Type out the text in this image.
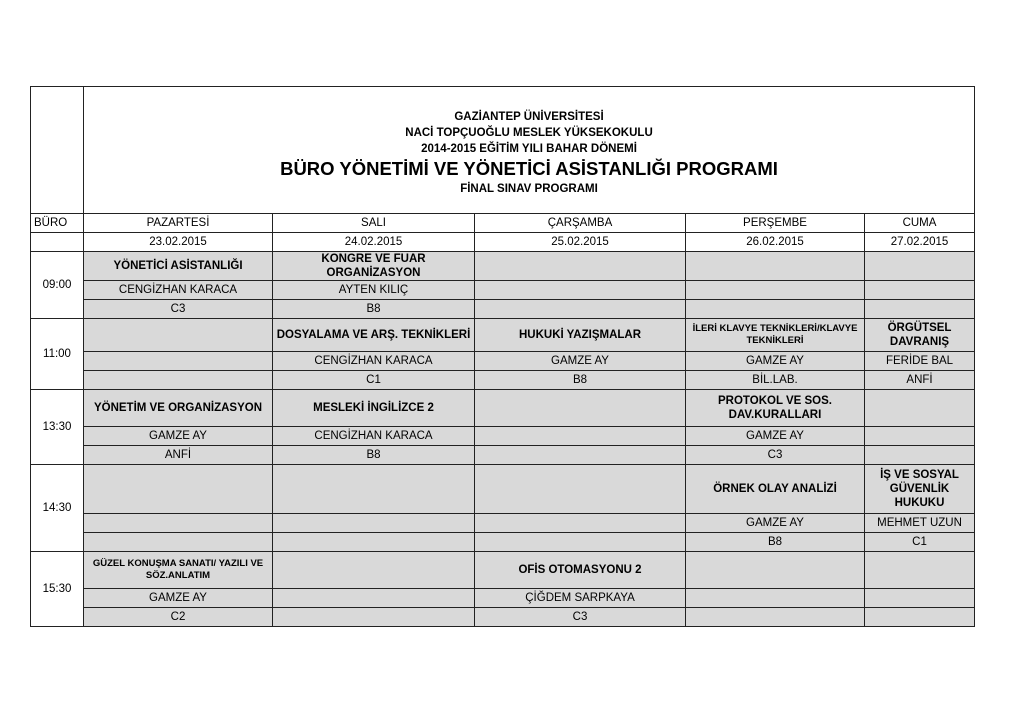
	GAZİANTEP ÜNİVERSİTESİ
NACİ TOPÇUOĞLU MESLEK YÜKSEKOKULU
2014-2015 EĞİTİM YILI BAHAR DÖNEMİ
BÜRO YÖNETİMİ VE YÖNETİCİ ASİSTANLIĞI PROGRAMI
FİNAL SINAV PROGRAMI				

BÜRO	PAZARTESİ	SALI	ÇARŞAMBA	PERŞEMBE	CUMA
	23.02.2015	24.02.2015	25.02.2015	26.02.2015	27.02.2015
09:00	YÖNETİCİ ASİSTANLIĞI	KONGRE VE FUAR ORGANİZASYON			
	CENGİZHAN KARACA	AYTEN KILIÇ			
	C3	B8			
11:00		DOSYALAMA VE ARŞ. TEKNİKLERİ	HUKUKİ YAZIŞMALAR	İLERİ KLAVYE TEKNİKLERİ/KLAVYE TEKNİKLERİ	ÖRGÜTSEL DAVRANIŞ
		CENGİZHAN KARACA	GAMZE AY	GAMZE AY	FERİDE BAL
		C1	B8	BİL.LAB.	ANFİ
13:30	YÖNETİM VE ORGANİZASYON	MESLEKİ İNGİLİZCE 2		PROTOKOL VE SOS. DAV.KURALLARI	
	GAMZE AY	CENGİZHAN KARACA		GAMZE AY	
	ANFİ	B8		C3	
14:30				ÖRNEK OLAY ANALİZİ	İŞ VE SOSYAL GÜVENLİK HUKUKU
				GAMZE AY	MEHMET UZUN
				B8	C1
15:30	GÜZEL KONUŞMA SANATI/ YAZILI VE SÖZ.ANLATIM		OFİS OTOMASYONU 2		
	GAMZE AY		ÇİĞDEM SARPKAYA		
	C2		C3		
